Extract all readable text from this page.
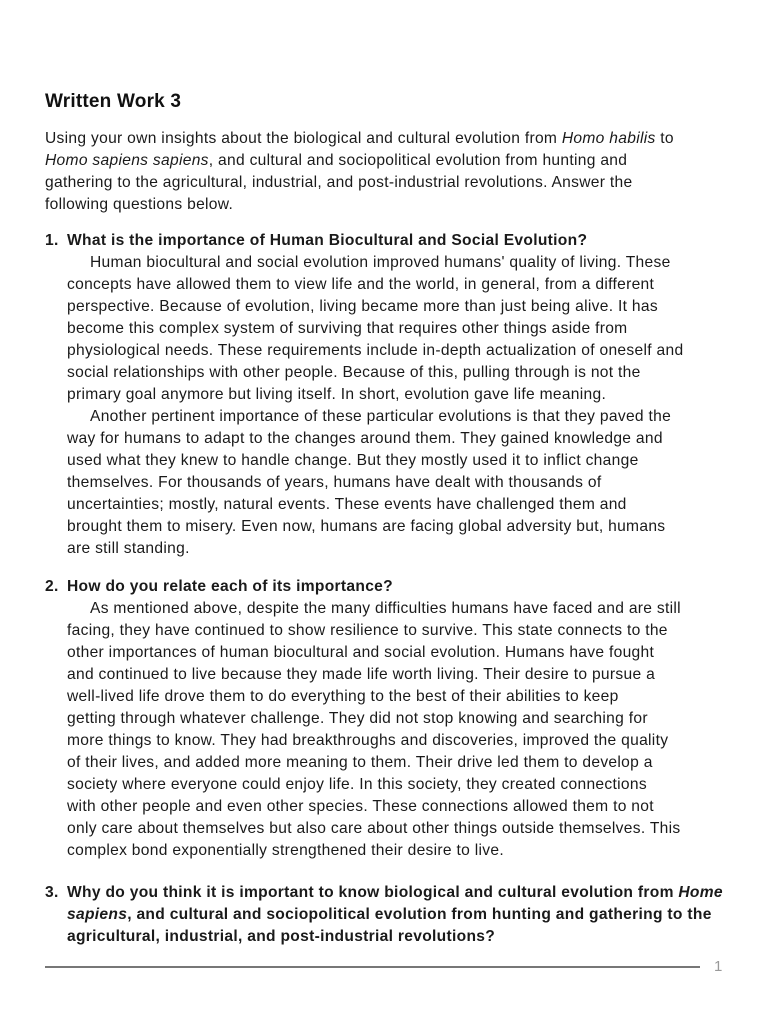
Written Work 3
Using your own insights about the biological and cultural evolution from Homo habilis to
Homo sapiens sapiens, and cultural and sociopolitical evolution from hunting and
gathering to the agricultural, industrial, and post-industrial revolutions. Answer the
following questions below.
1. What is the importance of Human Biocultural and Social Evolution?
Human biocultural and social evolution improved humans' quality of living. These
concepts have allowed them to view life and the world, in general, from a different
perspective. Because of evolution, living became more than just being alive. It has
become this complex system of surviving that requires other things aside from
physiological needs. These requirements include in-depth actualization of oneself and
social relationships with other people. Because of this, pulling through is not the
primary goal anymore but living itself. In short, evolution gave life meaning.
Another pertinent importance of these particular evolutions is that they paved the
way for humans to adapt to the changes around them. They gained knowledge and
used what they knew to handle change. But they mostly used it to inflict change
themselves. For thousands of years, humans have dealt with thousands of
uncertainties; mostly, natural events. These events have challenged them and
brought them to misery. Even now, humans are facing global adversity but, humans
are still standing.
2. How do you relate each of its importance?
As mentioned above, despite the many difficulties humans have faced and are still
facing, they have continued to show resilience to survive. This state connects to the
other importances of human biocultural and social evolution. Humans have fought
and continued to live because they made life worth living. Their desire to pursue a
well-lived life drove them to do everything to the best of their abilities to keep
getting through whatever challenge. They did not stop knowing and searching for
more things to know. They had breakthroughs and discoveries, improved the quality
of their lives, and added more meaning to them. Their drive led them to develop a
society where everyone could enjoy life. In this society, they created connections
with other people and even other species. These connections allowed them to not
only care about themselves but also care about other things outside themselves. This
complex bond exponentially strengthened their desire to live.
3. Why do you think it is important to know biological and cultural evolution from Home
sapiens, and cultural and sociopolitical evolution from hunting and gathering to the
agricultural, industrial, and post-industrial revolutions?
1
